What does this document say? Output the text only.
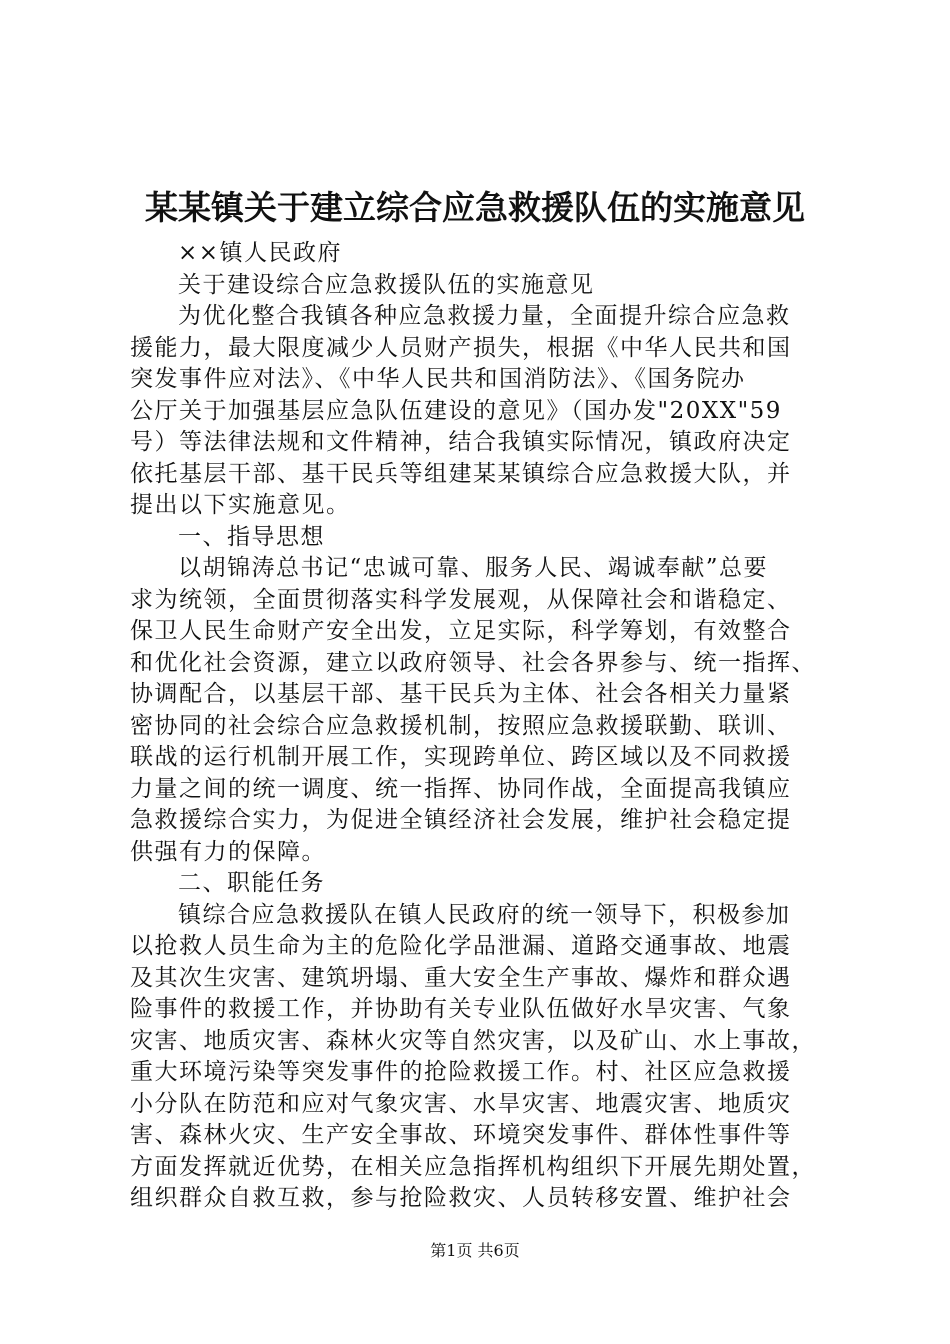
某某镇关于建立综合应急救援队伍的实施意见
××镇人民政府
关于建设综合应急救援队伍的实施意见
为优化整合我镇各种应急救援力量，全面提升综合应急救
援能力，最大限度减少人员财产损失，根据《中华人民共和国
突发事件应对法》、《中华人民共和国消防法》、《国务院办
公厅关于加强基层应急队伍建设的意见》（国办发"20XX"59
号）等法律法规和文件精神，结合我镇实际情况，镇政府决定
依托基层干部、基干民兵等组建某某镇综合应急救援大队，并
提出以下实施意见。
一、指导思想
以胡锦涛总书记“忠诚可靠、服务人民、竭诚奉献”总要
求为统领，全面贯彻落实科学发展观，从保障社会和谐稳定、
保卫人民生命财产安全出发，立足实际，科学筹划，有效整合
和优化社会资源，建立以政府领导、社会各界参与、统一指挥、
协调配合，以基层干部、基干民兵为主体、社会各相关力量紧
密协同的社会综合应急救援机制，按照应急救援联勤、联训、
联战的运行机制开展工作，实现跨单位、跨区域以及不同救援
力量之间的统一调度、统一指挥、协同作战，全面提高我镇应
急救援综合实力，为促进全镇经济社会发展，维护社会稳定提
供强有力的保障。
二、职能任务
镇综合应急救援队在镇人民政府的统一领导下，积极参加
以抢救人员生命为主的危险化学品泄漏、道路交通事故、地震
及其次生灾害、建筑坍塌、重大安全生产事故、爆炸和群众遇
险事件的救援工作，并协助有关专业队伍做好水旱灾害、气象
灾害、地质灾害、森林火灾等自然灾害，以及矿山、水上事故，
重大环境污染等突发事件的抢险救援工作。村、社区应急救援
小分队在防范和应对气象灾害、水旱灾害、地震灾害、地质灾
害、森林火灾、生产安全事故、环境突发事件、群体性事件等
方面发挥就近优势，在相关应急指挥机构组织下开展先期处置，
组织群众自救互救，参与抢险救灾、人员转移安置、维护社会
第1页 共6页
